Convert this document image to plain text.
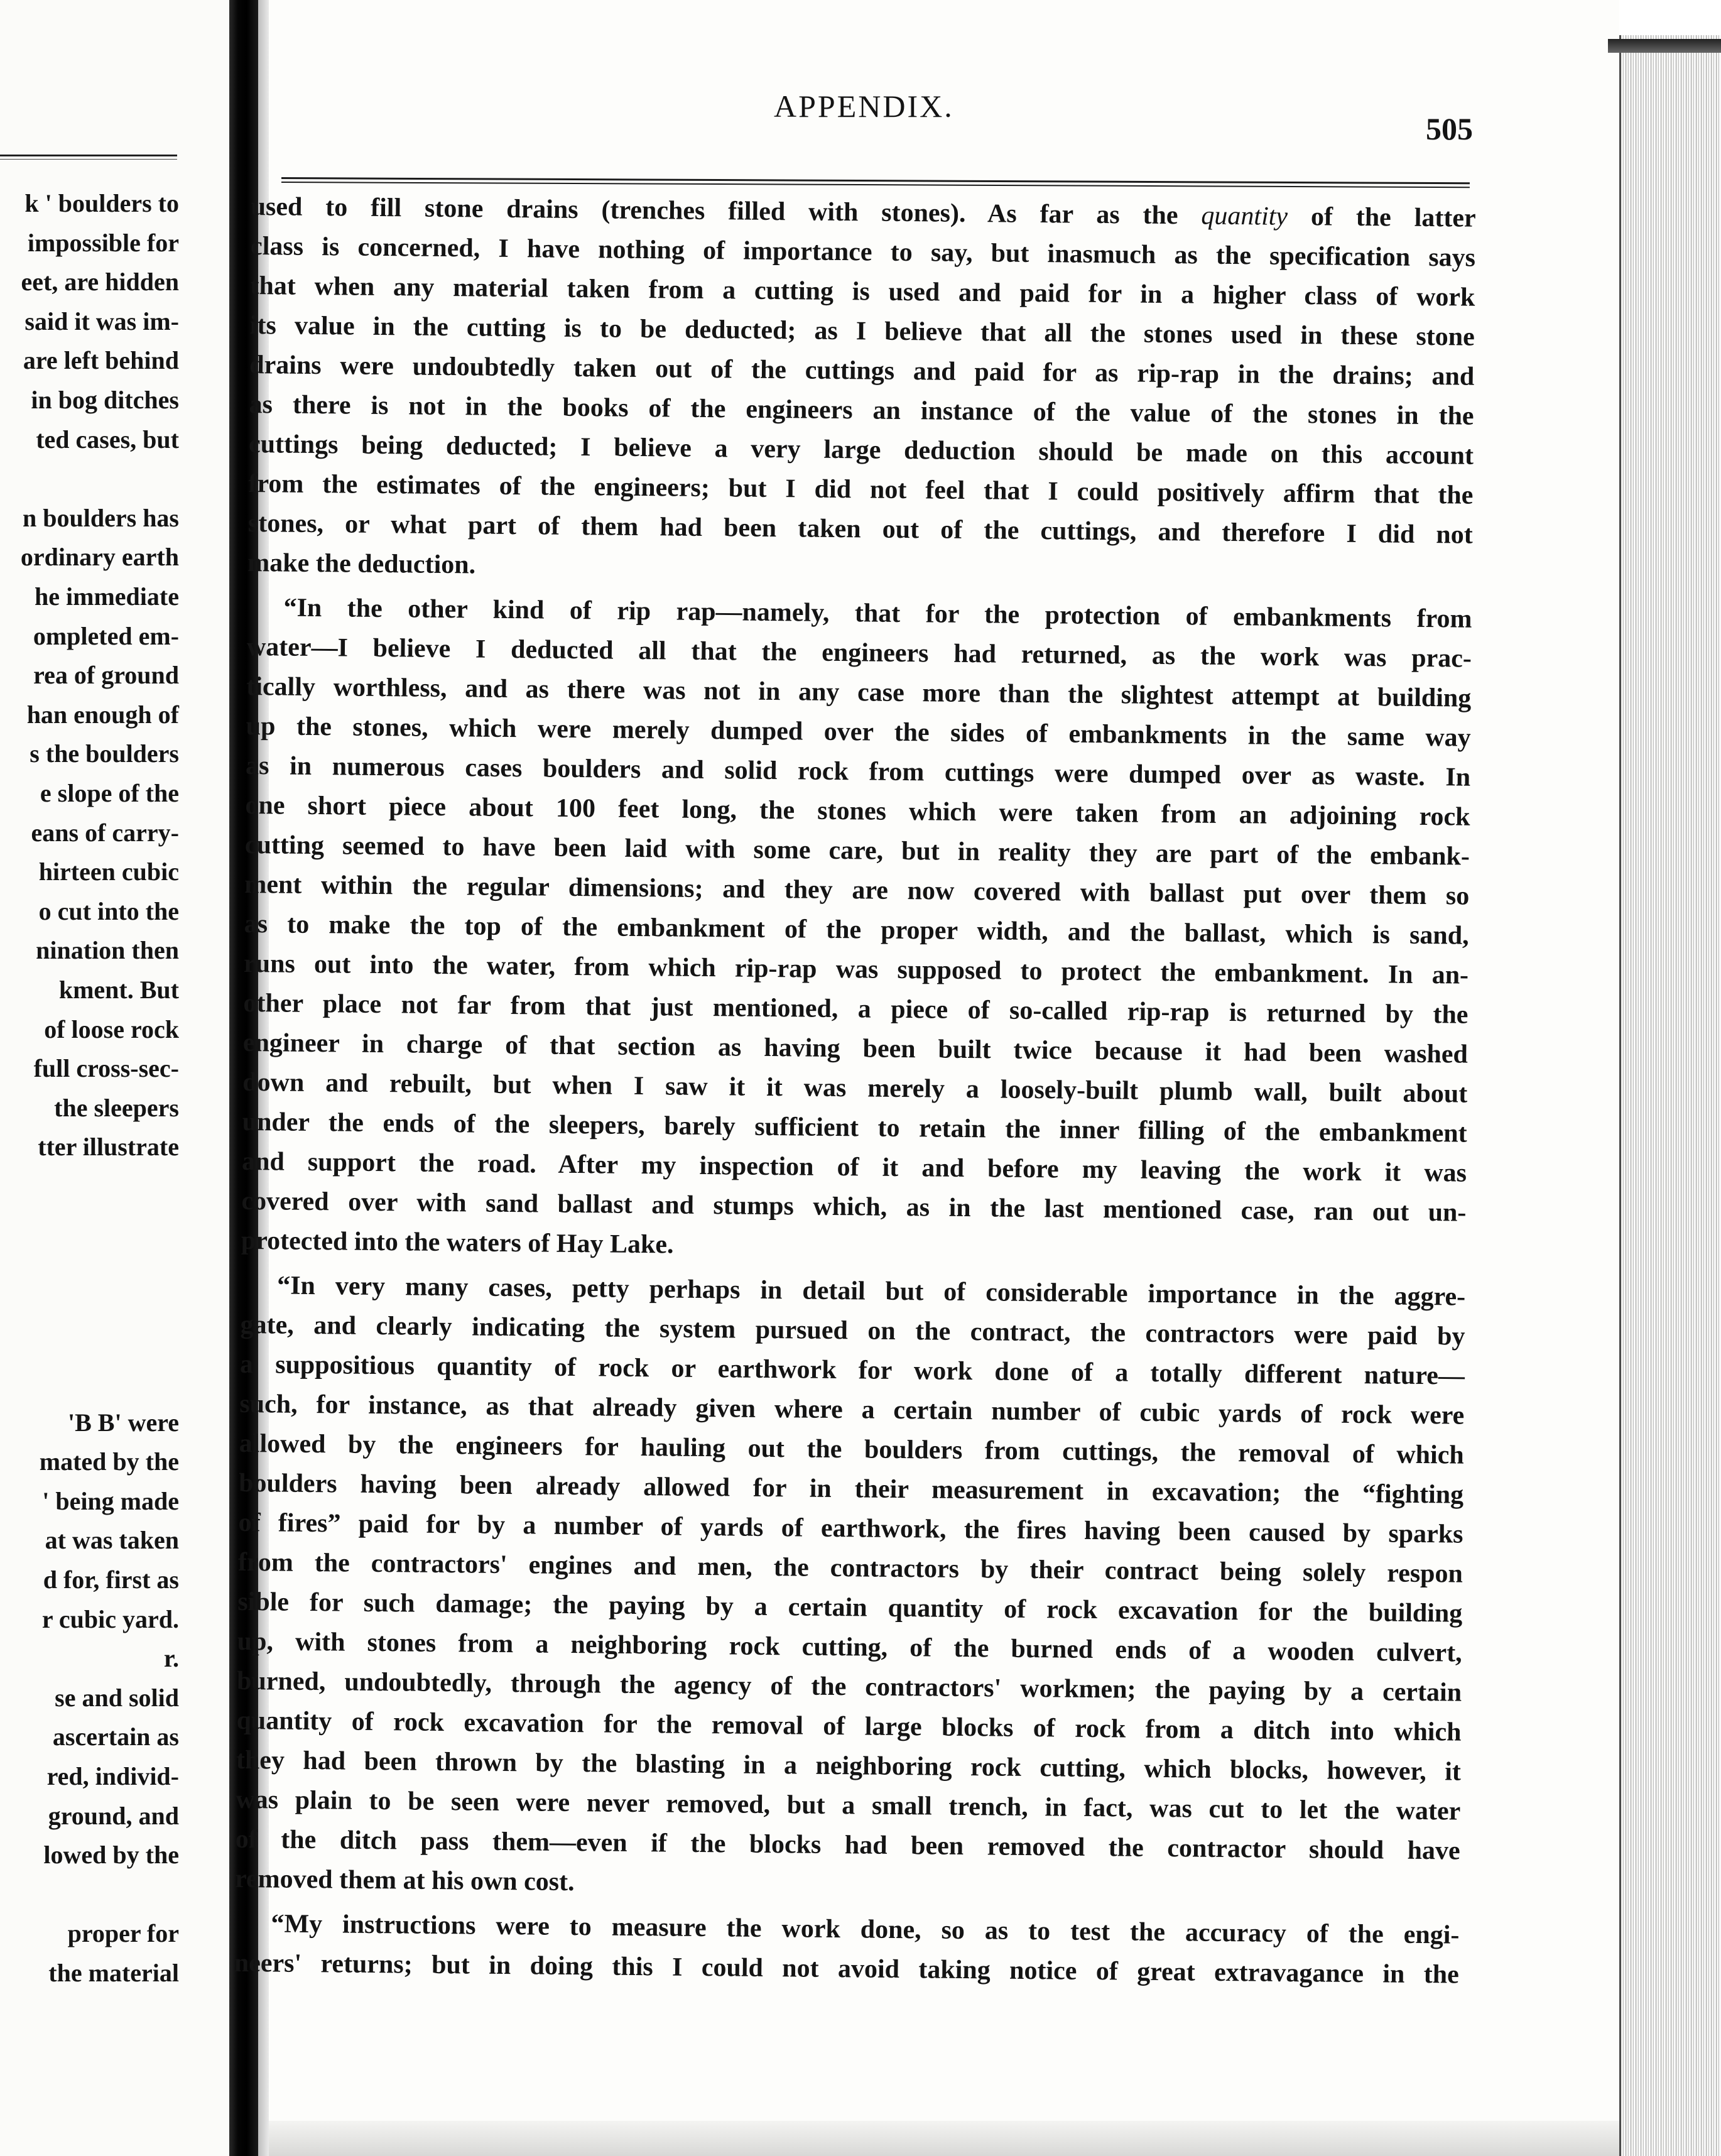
k ' boulders to
impossible for
eet, are hidden
said it was im-
are left behind
in bog ditches
ted cases, but
n boulders has
ordinary earth
he immediate
ompleted em-
rea of ground
han enough of
s the boulders
e slope of the
eans of carry-
hirteen cubic
o cut into the
nination then
kment. But
of loose rock
full cross-sec-
the sleepers
tter illustrate
'B B' were
mated by the
' being made
at was taken
d for, first as
r cubic yard.
r.
se and solid
ascertain as
red, individ-
ground, and
lowed by the
proper for
the material
APPENDIX.
505
used to fill stone drains (trenches filled with stones). As far as the quantity of the latter
class is concerned, I have nothing of importance to say, but inasmuch as the specification says
that when any material taken from a cutting is used and paid for in a higher class of work
its value in the cutting is to be deducted; as I believe that all the stones used in these stone
drains were undoubtedly taken out of the cuttings and paid for as rip-rap in the drains; and
as there is not in the books of the engineers an instance of the value of the stones in the
cuttings being deducted; I believe a very large deduction should be made on this account
from the estimates of the engineers; but I did not feel that I could positively affirm that the
stones, or what part of them had been taken out of the cuttings, and therefore I did not
make the deduction.
“In the other kind of rip rap—namely, that for the protection of embankments from
water—I believe I deducted all that the engineers had returned, as the work was prac-
tically worthless, and as there was not in any case more than the slightest attempt at building
up the stones, which were merely dumped over the sides of embankments in the same way
as in numerous cases boulders and solid rock from cuttings were dumped over as waste. In
one short piece about 100 feet long, the stones which were taken from an adjoining rock
cutting seemed to have been laid with some care, but in reality they are part of the embank-
ment within the regular dimensions; and they are now covered with ballast put over them so
as to make the top of the embankment of the proper width, and the ballast, which is sand,
runs out into the water, from which rip-rap was supposed to protect the embankment. In an-
other place not far from that just mentioned, a piece of so-called rip-rap is returned by the
engineer in charge of that section as having been built twice because it had been washed
down and rebuilt, but when I saw it it was merely a loosely-built plumb wall, built about
under the ends of the sleepers, barely sufficient to retain the inner filling of the embankment
and support the road. After my inspection of it and before my leaving the work it was
covered over with sand ballast and stumps which, as in the last mentioned case, ran out un-
protected into the waters of Hay Lake.
“In very many cases, petty perhaps in detail but of considerable importance in the aggre-
gate, and clearly indicating the system pursued on the contract, the contractors were paid by
a suppositious quantity of rock or earthwork for work done of a totally different nature—
such, for instance, as that already given where a certain number of cubic yards of rock were
allowed by the engineers for hauling out the boulders from cuttings, the removal of which
boulders having been already allowed for in their measurement in excavation; the “fighting
of fires” paid for by a number of yards of earthwork, the fires having been caused by sparks
from the contractors' engines and men, the contractors by their contract being solely respon
sible for such damage; the paying by a certain quantity of rock excavation for the building
up, with stones from a neighboring rock cutting, of the burned ends of a wooden culvert,
burned, undoubtedly, through the agency of the contractors' workmen; the paying by a certain
quantity of rock excavation for the removal of large blocks of rock from a ditch into which
they had been thrown by the blasting in a neighboring rock cutting, which blocks, however, it
was plain to be seen were never removed, but a small trench, in fact, was cut to let the water
of the ditch pass them—even if the blocks had been removed the contractor should have
removed them at his own cost.
“My instructions were to measure the work done, so as to test the accuracy of the engi-
neers' returns; but in doing this I could not avoid taking notice of great extravagance in the
